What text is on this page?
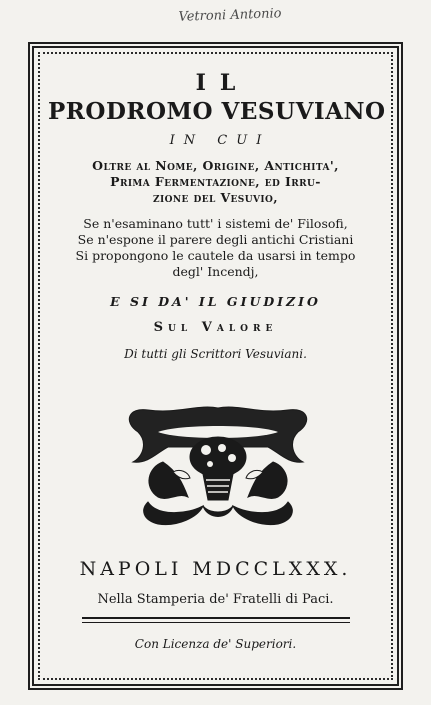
Vetroni Antonio
IL
PRODROMO VESUVIANO
IN CUI
Oltre al Nome, Origine, Antichita',
Prima Fermentazione, ed Irru-
zione del Vesuvio,
Se n'esaminano tutt' i sistemi de' Filosofi,
Se n'espone il parere degli antichi Cristiani
Si propongono le cautele da usarsi in tempo
degl' Incendj,
E SI DA' IL GIUDIZIO
Sul Valore
Di tutti gli Scrittori Vesuviani.
NAPOLI MDCCLXXX.
Nella Stamperia de' Fratelli di Paci.
Con Licenza de' Superiori.
